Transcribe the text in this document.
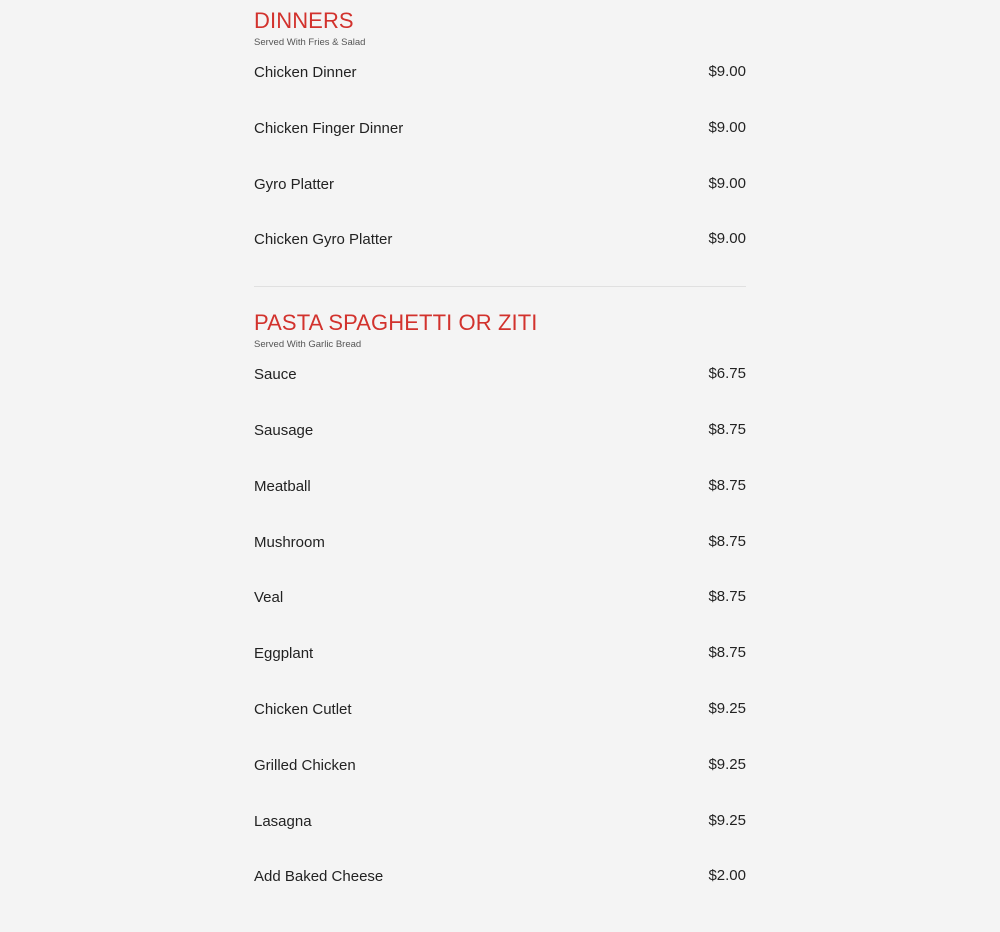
DINNERS

Served With Fries & Salad

Chicken Dinner	$9.00
Chicken Finger Dinner	$9.00
Gyro Platter	$9.00
Chicken Gyro Platter	$9.00
PASTA SPAGHETTI OR ZITI

Served With Garlic Bread

Sauce	$6.75
Sausage	$8.75
Meatball	$8.75
Mushroom	$8.75
Veal	$8.75
Eggplant	$8.75
Chicken Cutlet	$9.25
Grilled Chicken	$9.25
Lasagna	$9.25
Add Baked Cheese	$2.00
